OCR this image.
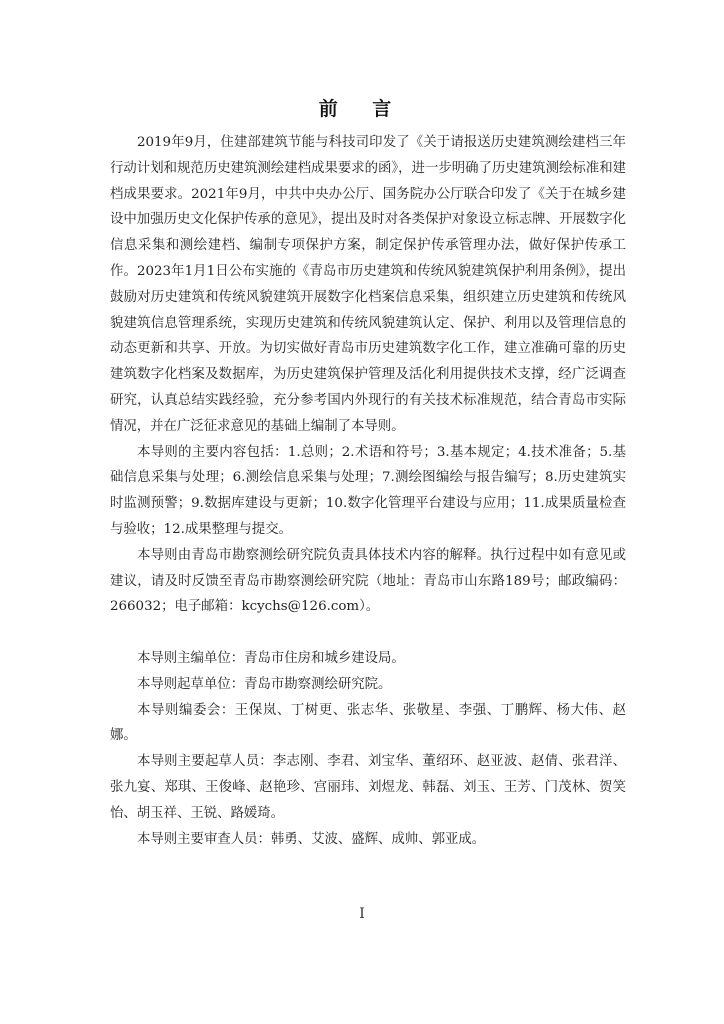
前 言

2019年9月，住建部建筑节能与科技司印发了《关于请报送历史建筑测绘建档三年行动计划和规范历史建筑测绘建档成果要求的函》，进一步明确了历史建筑测绘标准和建档成果要求。2021年9月，中共中央办公厅、国务院办公厅联合印发了《关于在城乡建设中加强历史文化保护传承的意见》，提出及时对各类保护对象设立标志牌、开展数字化信息采集和测绘建档、编制专项保护方案，制定保护传承管理办法，做好保护传承工作。2023年1月1日公布实施的《青岛市历史建筑和传统风貌建筑保护利用条例》，提出鼓励对历史建筑和传统风貌建筑开展数字化档案信息采集，组织建立历史建筑和传统风貌建筑信息管理系统，实现历史建筑和传统风貌建筑认定、保护、利用以及管理信息的动态更新和共享、开放。为切实做好青岛市历史建筑数字化工作，建立准确可靠的历史建筑数字化档案及数据库，为历史建筑保护管理及活化利用提供技术支撑，经广泛调查研究，认真总结实践经验，充分参考国内外现行的有关技术标准规范，结合青岛市实际情况，并在广泛征求意见的基础上编制了本导则。

本导则的主要内容包括：1.总则；2.术语和符号；3.基本规定；4.技术准备；5.基础信息采集与处理；6.测绘信息采集与处理；7.测绘图编绘与报告编写；8.历史建筑实时监测预警；9.数据库建设与更新；10.数字化管理平台建设与应用；11.成果质量检查与验收；12.成果整理与提交。

本导则由青岛市勘察测绘研究院负责具体技术内容的解释。执行过程中如有意见或建议，请及时反馈至青岛市勘察测绘研究院（地址：青岛市山东路189号；邮政编码：266032；电子邮箱：kcychs@126.com）。

本导则主编单位：青岛市住房和城乡建设局。

本导则起草单位：青岛市勘察测绘研究院。

本导则编委会：王保岚、丁树更、张志华、张敬星、李强、丁鹏辉、杨大伟、赵娜。

本导则主要起草人员：李志刚、李君、刘宝华、董绍环、赵亚波、赵倩、张君洋、张九宴、郑琪、王俊峰、赵艳珍、宫丽玮、刘煜龙、韩磊、刘玉、王芳、门茂林、贺笑怡、胡玉祥、王锐、路媛琦。

本导则主要审查人员：韩勇、艾波、盛辉、成帅、郭亚成。

I
